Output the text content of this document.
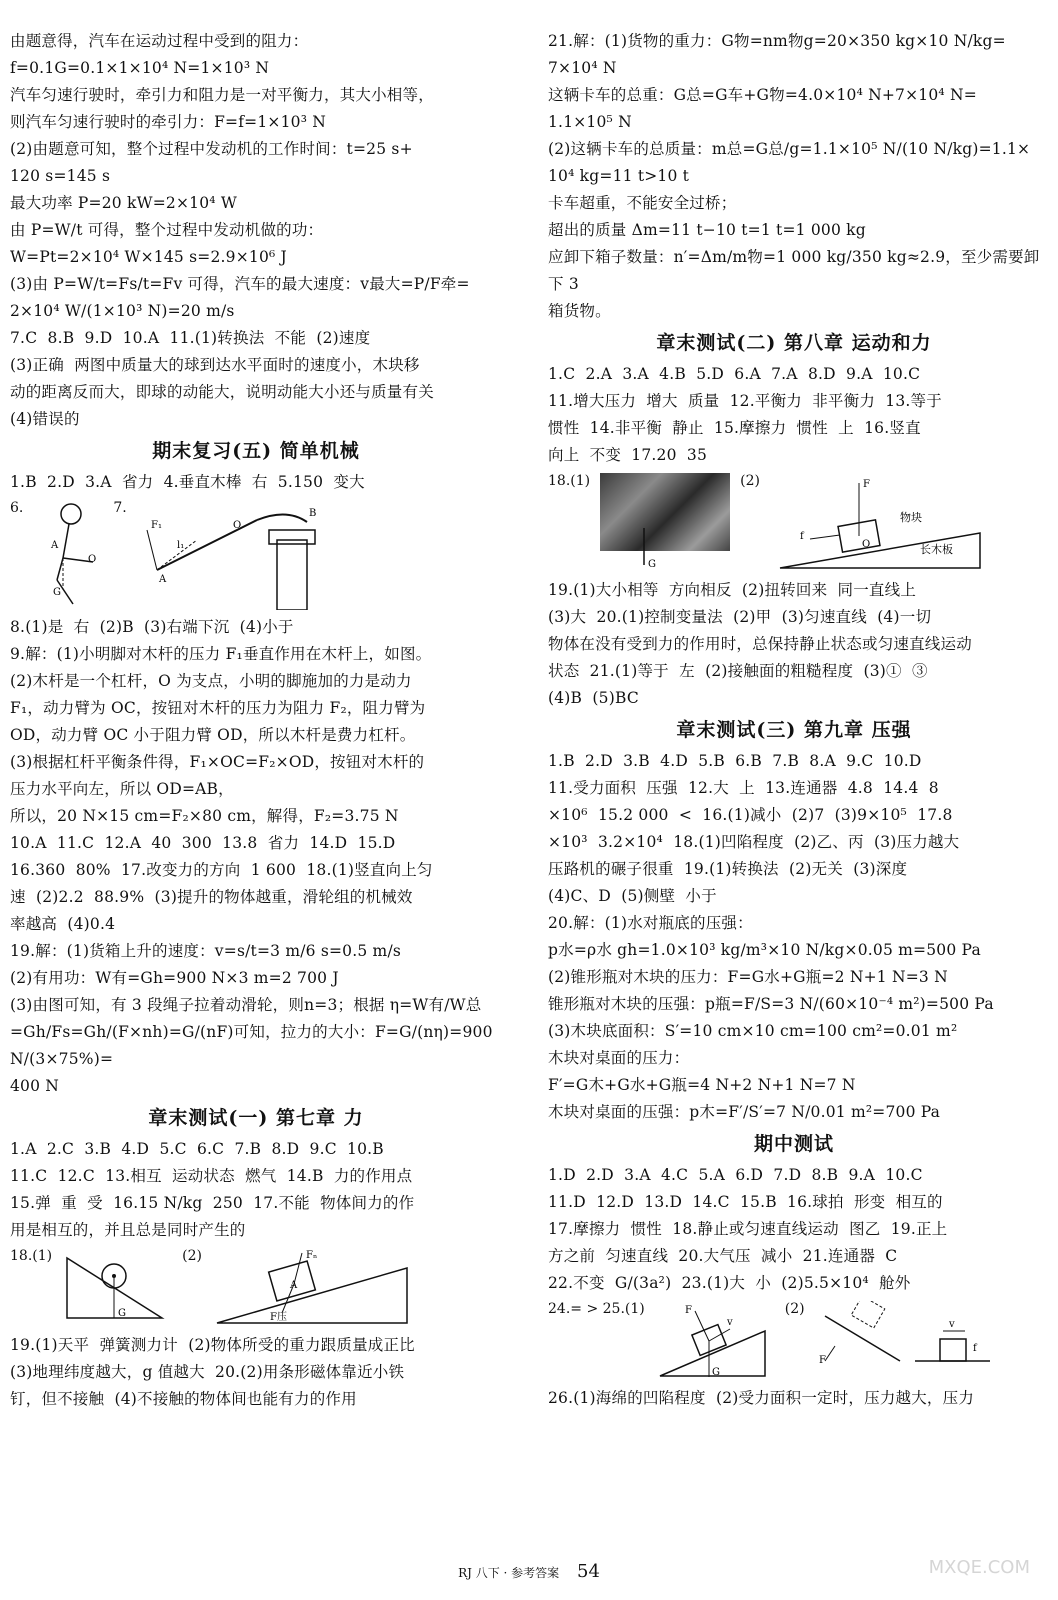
由题意得，汽车在运动过程中受到的阻力：
f=0.1G=0.1×1×10⁴ N=1×10³ N
汽车匀速行驶时，牵引力和阻力是一对平衡力，其大小相等，
则汽车匀速行驶时的牵引力：F=f=1×10³ N
(2)由题意可知，整个过程中发动机的工作时间：t=25 s+
120 s=145 s
最大功率 P=20 kW=2×10⁴ W
由 P=W/t 可得，整个过程中发动机做的功：
W=Pt=2×10⁴ W×145 s=2.9×10⁶ J
(3)由 P=W/t=Fs/t=Fv 可得，汽车的最大速度：v最大=P/F牵=
2×10⁴ W/(1×10³ N)=20 m/s
7.C  8.B  9.D  10.A  11.(1)转换法  不能  (2)速度
(3)正确  两图中质量大的球到达水平面时的速度小，木块移
动的距离反而大，即球的动能大，说明动能大小还与质量有关
(4)错误的
期末复习(五) 简单机械
1.B  2.D  3.A  省力  4.垂直木棒  右  5.150  变大
6.
A
O
G
7.
F₁
l₁
A
O
B
8.(1)是  右  (2)B  (3)右端下沉  (4)小于
9.解：(1)小明脚对木杆的压力 F₁垂直作用在木杆上，如图。
(2)木杆是一个杠杆，O 为支点，小明的脚施加的力是动力
F₁，动力臂为 OC，按钮对木杆的压力为阻力 F₂，阻力臂为
OD，动力臂 OC 小于阻力臂 OD，所以木杆是费力杠杆。
(3)根据杠杆平衡条件得，F₁×OC=F₂×OD，按钮对木杆的
压力水平向左，所以 OD=AB，
所以，20 N×15 cm=F₂×80 cm，解得，F₂=3.75 N
10.A  11.C  12.A  40  300  13.8  省力  14.D  15.D
16.360  80%  17.改变力的方向  1 600  18.(1)竖直向上匀
速  (2)2.2  88.9%  (3)提升的物体越重，滑轮组的机械效
率越高  (4)0.4
19.解：(1)货箱上升的速度：v=s/t=3 m/6 s=0.5 m/s
(2)有用功：W有=Gh=900 N×3 m=2 700 J
(3)由图可知，有 3 段绳子拉着动滑轮，则n=3；根据 η=W有/W总
=Gh/Fs=Gh/(F×nh)=G/(nF)可知，拉力的大小：F=G/(nη)=900 N/(3×75%)=
400 N
章末测试(一) 第七章 力
1.A  2.C  3.B  4.D  5.C  6.C  7.B  8.D  9.C  10.B
11.C  12.C  13.相互  运动状态  燃气  14.B  力的作用点
15.弹  重  受  16.15 N/kg  250  17.不能  物体间力的作
用是相互的，并且总是同时产生的
18.(1)
G
(2)	Fₙ
A
F压
19.(1)天平  弹簧测力计  (2)物体所受的重力跟质量成正比
(3)地理纬度越大，g 值越大  20.(2)用条形磁体靠近小铁
钉，但不接触  (4)不接触的物体间也能有力的作用
21.解：(1)货物的重力：G物=nm物g=20×350 kg×10 N/kg=
7×10⁴ N
这辆卡车的总重：G总=G车+G物=4.0×10⁴ N+7×10⁴ N=
1.1×10⁵ N
(2)这辆卡车的总质量：m总=G总/g=1.1×10⁵ N/(10 N/kg)=1.1×
10⁴ kg=11 t>10 t
卡车超重，不能安全过桥；
超出的质量 Δm=11 t−10 t=1 t=1 000 kg
应卸下箱子数量：n′=Δm/m物=1 000 kg/350 kg≈2.9，至少需要卸下 3
箱货物。
章末测试(二) 第八章 运动和力
1.C  2.A  3.A  4.B  5.D  6.A  7.A  8.D  9.A  10.C
11.增大压力  增大  质量  12.平衡力  非平衡力  13.等于
惯性  14.非平衡  静止  15.摩擦力  惯性  上  16.竖直
向上  不变  17.20  35
18.(1)
G
(2)	F
f
O
物块
长木板
19.(1)大小相等  方向相反  (2)扭转回来  同一直线上
(3)大  20.(1)控制变量法  (2)甲  (3)匀速直线  (4)一切
物体在没有受到力的作用时，总保持静止状态或匀速直线运动
状态  21.(1)等于  左  (2)接触面的粗糙程度  (3)①  ③
(4)B  (5)BC
章末测试(三) 第九章 压强
1.B  2.D  3.B  4.D  5.B  6.B  7.B  8.A  9.C  10.D
11.受力面积  压强  12.大  上  13.连通器  4.8  14.4  8
×10⁶  15.2 000  <  16.(1)减小  (2)7  (3)9×10⁵  17.8
×10³  3.2×10⁴  18.(1)凹陷程度  (2)乙、丙  (3)压力越大
压路机的碾子很重  19.(1)转换法  (2)无关  (3)深度
(4)C、D  (5)侧壁  小于
20.解：(1)水对瓶底的压强：
p水=ρ水 gh=1.0×10³ kg/m³×10 N/kg×0.05 m=500 Pa
(2)锥形瓶对木块的压力：F=G水+G瓶=2 N+1 N=3 N
锥形瓶对木块的压强：p瓶=F/S=3 N/(60×10⁻⁴ m²)=500 Pa
(3)木块底面积：S′=10 cm×10 cm=100 cm²=0.01 m²
木块对桌面的压力：
F′=G木+G水+G瓶=4 N+2 N+1 N=7 N
木块对桌面的压强：p木=F′/S′=7 N/0.01 m²=700 Pa
期中测试
1.D  2.D  3.A  4.C  5.A  6.D  7.D  8.B  9.A  10.C
11.D  12.D  13.D  14.C  15.B  16.球拍  形变  相互的
17.摩擦力  惯性  18.静止或匀速直线运动  图乙  19.正上
方之前  匀速直线  20.大气压  减小  21.连通器  C
22.不变  G/(3a²)  23.(1)大  小  (2)5.5×10⁴  舱外
24.= > 25.(1)
G
F
v
(2)
F
v
f
26.(1)海绵的凹陷程度  (2)受力面积一定时，压力越大，压力
RJ 八下 · 参考答案 54	MXQE.COM
